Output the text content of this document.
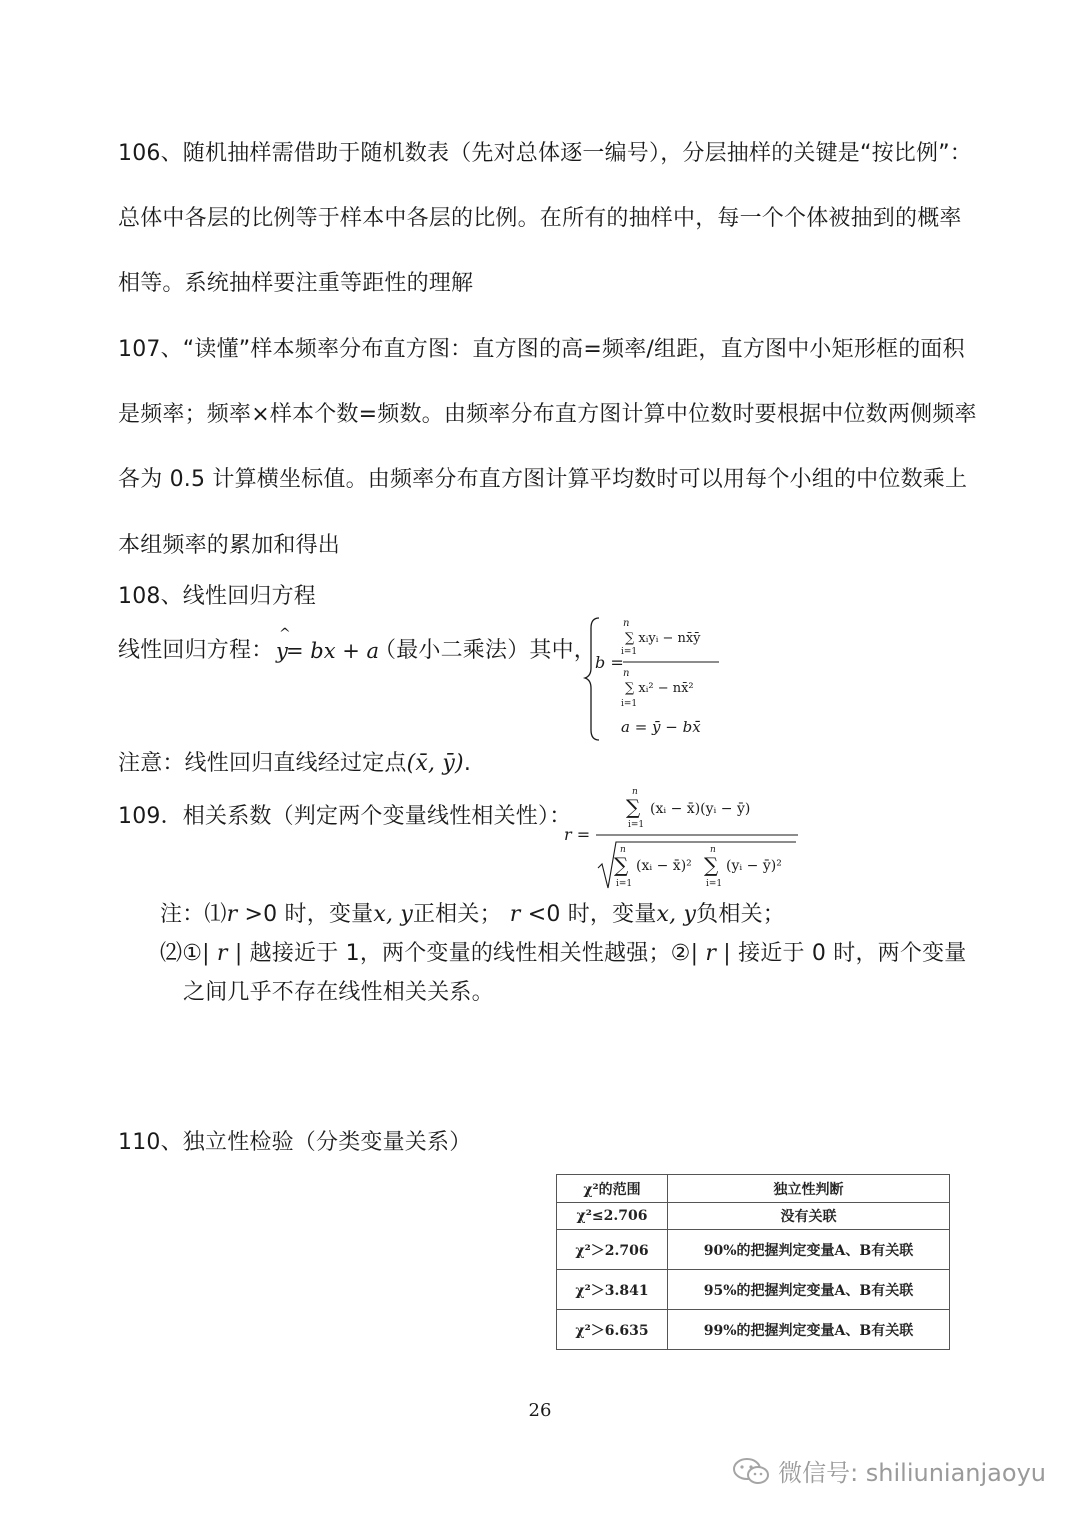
106、随机抽样需借助于随机数表（先对总体逐一编号），分层抽样的关键是“按比例”：
总体中各层的比例等于样本中各层的比例。在所有的抽样中，每一个个体被抽到的概率
相等。系统抽样要注重等距性的理解
107、“读懂”样本频率分布直方图：直方图的高=频率/组距，直方图中小矩形框的面积
是频率；频率×样本个数=频数。由频率分布直方图计算中位数时要根据中位数两侧频率
各为 0.5 计算横坐标值。由频率分布直方图计算平均数时可以用每个小组的中位数乘上
本组频率的累加和得出
108、线性回归方程
线性回归方程：
^
y
= bx + a
（最小二乘法）其中，
b =
n
∑ xᵢyᵢ − nx̄ȳ
i=1
n
∑ xᵢ² − nx̄²
i=1
a = ȳ − bx̄
注意：线性回归直线经过定点(x̄, ȳ).
109．相关系数（判定两个变量线性相关性）：
r =
n
∑ (xᵢ − x̄)(yᵢ − ȳ)
i=1
n
∑ (xᵢ − x̄)²
i=1
n
∑ (yᵢ − ȳ)²
i=1
注：⑴r >0 时，变量x, y正相关； r <0 时，变量x, y负相关；
⑵①| r | 越接近于 1，两个变量的线性相关性越强；②| r | 接近于 0 时，两个变量
之间几乎不存在线性相关关系。
110、独立性检验（分类变量关系）
χ²的范围	独立性判断
χ²≤2.706	没有关联
χ²＞2.706	90%的把握判定变量A、B有关联
χ²＞3.841	95%的把握判定变量A、B有关联
χ²＞6.635	99%的把握判定变量A、B有关联
26
微信号: shiliunianjaoyu
